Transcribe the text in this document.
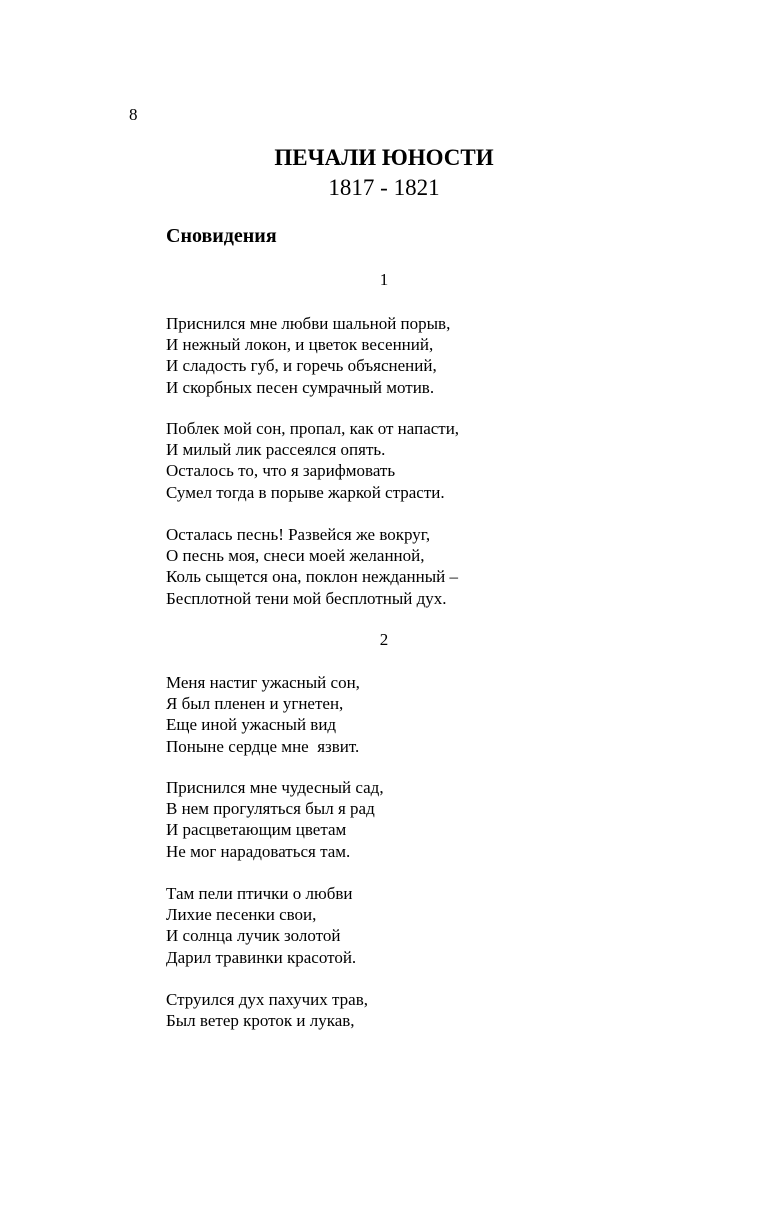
8
ПЕЧАЛИ ЮНОСТИ
1817 - 1821
Сновидения
1
Приснился мне любви шальной порыв,
И нежный локон, и цветок весенний,
И сладость губ, и горечь объяснений,
И скорбных песен сумрачный мотив.
Поблек мой сон, пропал, как от напасти,
И милый лик рассеялся опять.
Осталось то, что я зарифмовать
Сумел тогда в порыве жаркой страсти.
Осталась песнь! Развейся же вокруг,
О песнь моя, снеси моей желанной,
Коль сыщется она, поклон нежданный –
Бесплотной тени мой бесплотный дух.
2
Меня настиг ужасный сон,
Я был пленен и угнетен,
Еще иной ужасный вид
Поныне сердце мне  язвит.
Приснился мне чудесный сад,
В нем прогуляться был я рад
И расцветающим цветам
Не мог нарадоваться там.
Там пели птички о любви
Лихие песенки свои,
И солнца лучик золотой
Дарил травинки красотой.
Струился дух пахучих трав,
Был ветер кроток и лукав,
